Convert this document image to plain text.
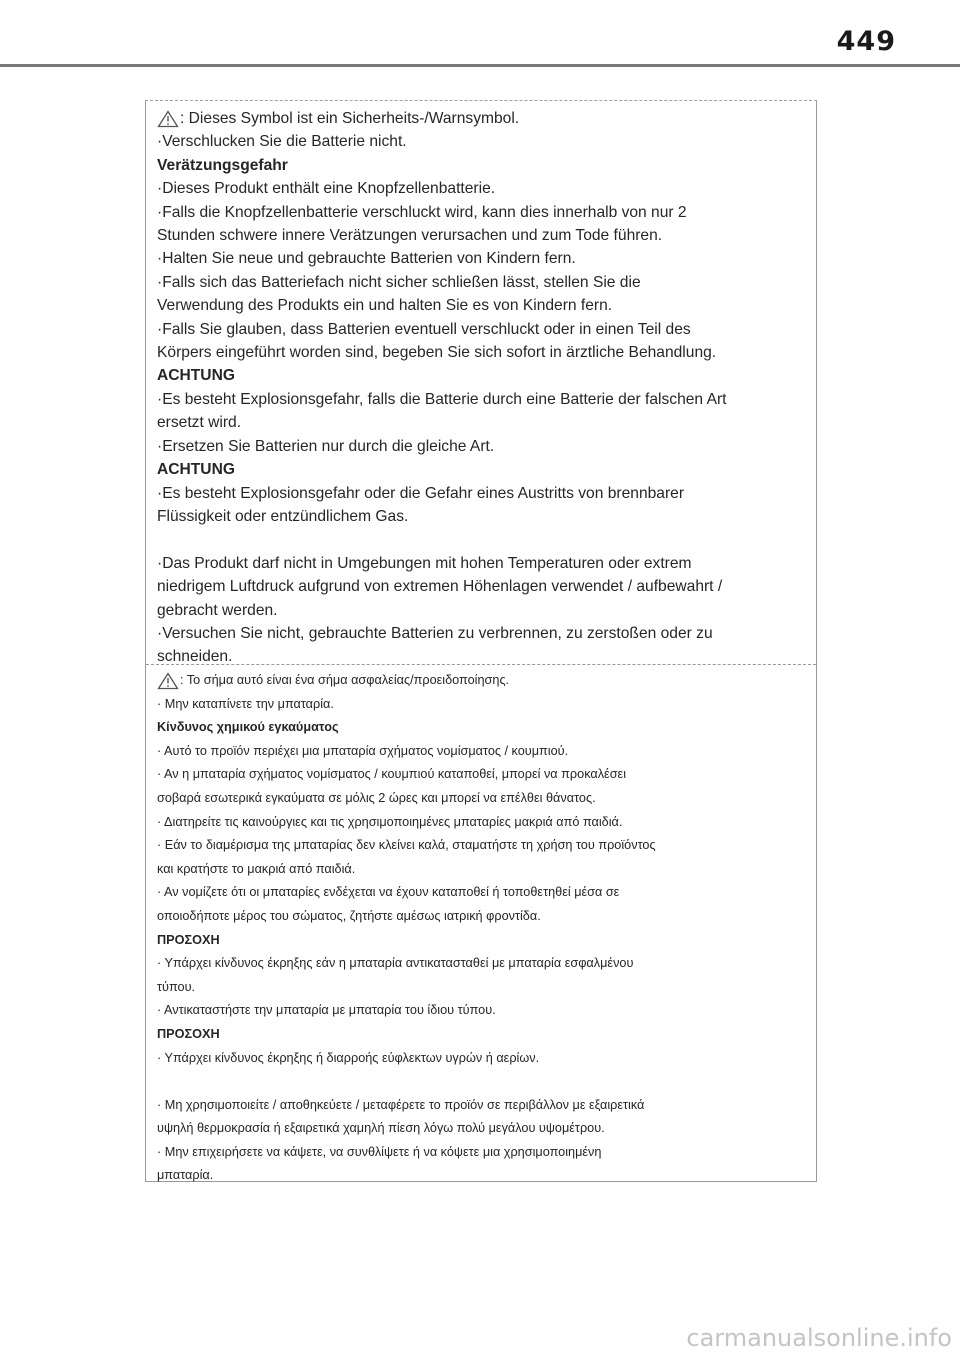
449
: Dieses Symbol ist ein Sicherheits-/Warnsymbol.
·Verschlucken Sie die Batterie nicht.
Verätzungsgefahr
·Dieses Produkt enthält eine Knopfzellenbatterie.
·Falls die Knopfzellenbatterie verschluckt wird, kann dies innerhalb von nur 2
Stunden schwere innere Verätzungen verursachen und zum Tode führen.
·Halten Sie neue und gebrauchte Batterien von Kindern fern.
·Falls sich das Batteriefach nicht sicher schließen lässt, stellen Sie die
Verwendung des Produkts ein und halten Sie es von Kindern fern.
·Falls Sie glauben, dass Batterien eventuell verschluckt oder in einen Teil des
Körpers eingeführt worden sind, begeben Sie sich sofort in ärztliche Behandlung.
ACHTUNG
·Es besteht Explosionsgefahr, falls die Batterie durch eine Batterie der falschen Art
ersetzt wird.
·Ersetzen Sie Batterien nur durch die gleiche Art.
ACHTUNG
·Es besteht Explosionsgefahr oder die Gefahr eines Austritts von brennbarer
Flüssigkeit oder entzündlichem Gas.

·Das Produkt darf nicht in Umgebungen mit hohen Temperaturen oder extrem
niedrigem Luftdruck aufgrund von extremen Höhenlagen verwendet / aufbewahrt /
gebracht werden.
·Versuchen Sie nicht, gebrauchte Batterien zu verbrennen, zu zerstoßen oder zu
schneiden.
: Το σήμα αυτό είναι ένα σήμα ασφαλείας/προειδοποίησης.
· Μην καταπίνετε την μπαταρία.
Κίνδυνος χημικού εγκαύματος
· Αυτό το προϊόν περιέχει μια μπαταρία σχήματος νομίσματος / κουμπιού.
· Αν η μπαταρία σχήματος νομίσματος / κουμπιού καταποθεί, μπορεί να προκαλέσει
σοβαρά εσωτερικά εγκαύματα σε μόλις 2 ώρες και μπορεί να επέλθει θάνατος.
· Διατηρείτε τις καινούργιες και τις χρησιμοποιημένες μπαταρίες μακριά από παιδιά.
· Εάν το διαμέρισμα της μπαταρίας δεν κλείνει καλά, σταματήστε τη χρήση του προϊόντος
και κρατήστε το μακριά από παιδιά.
· Αν νομίζετε ότι οι μπαταρίες ενδέχεται να έχουν καταποθεί ή τοποθετηθεί μέσα σε
οποιοδήποτε μέρος του σώματος, ζητήστε αμέσως ιατρική φροντίδα.
ΠΡΟΣΟΧΗ
· Υπάρχει κίνδυνος έκρηξης εάν η μπαταρία αντικατασταθεί με μπαταρία εσφαλμένου
τύπου.
· Αντικαταστήστε την μπαταρία με μπαταρία του ίδιου τύπου.
ΠΡΟΣΟΧΗ
· Υπάρχει κίνδυνος έκρηξης ή διαρροής εύφλεκτων υγρών ή αερίων.

· Μη χρησιμοποιείτε / αποθηκεύετε / μεταφέρετε το προϊόν σε περιβάλλον με εξαιρετικά
υψηλή θερμοκρασία ή εξαιρετικά χαμηλή πίεση λόγω πολύ μεγάλου υψομέτρου.
· Μην επιχειρήσετε να κάψετε, να συνθλίψετε ή να κόψετε μια χρησιμοποιημένη
μπαταρία.
carmanualsonline.info
